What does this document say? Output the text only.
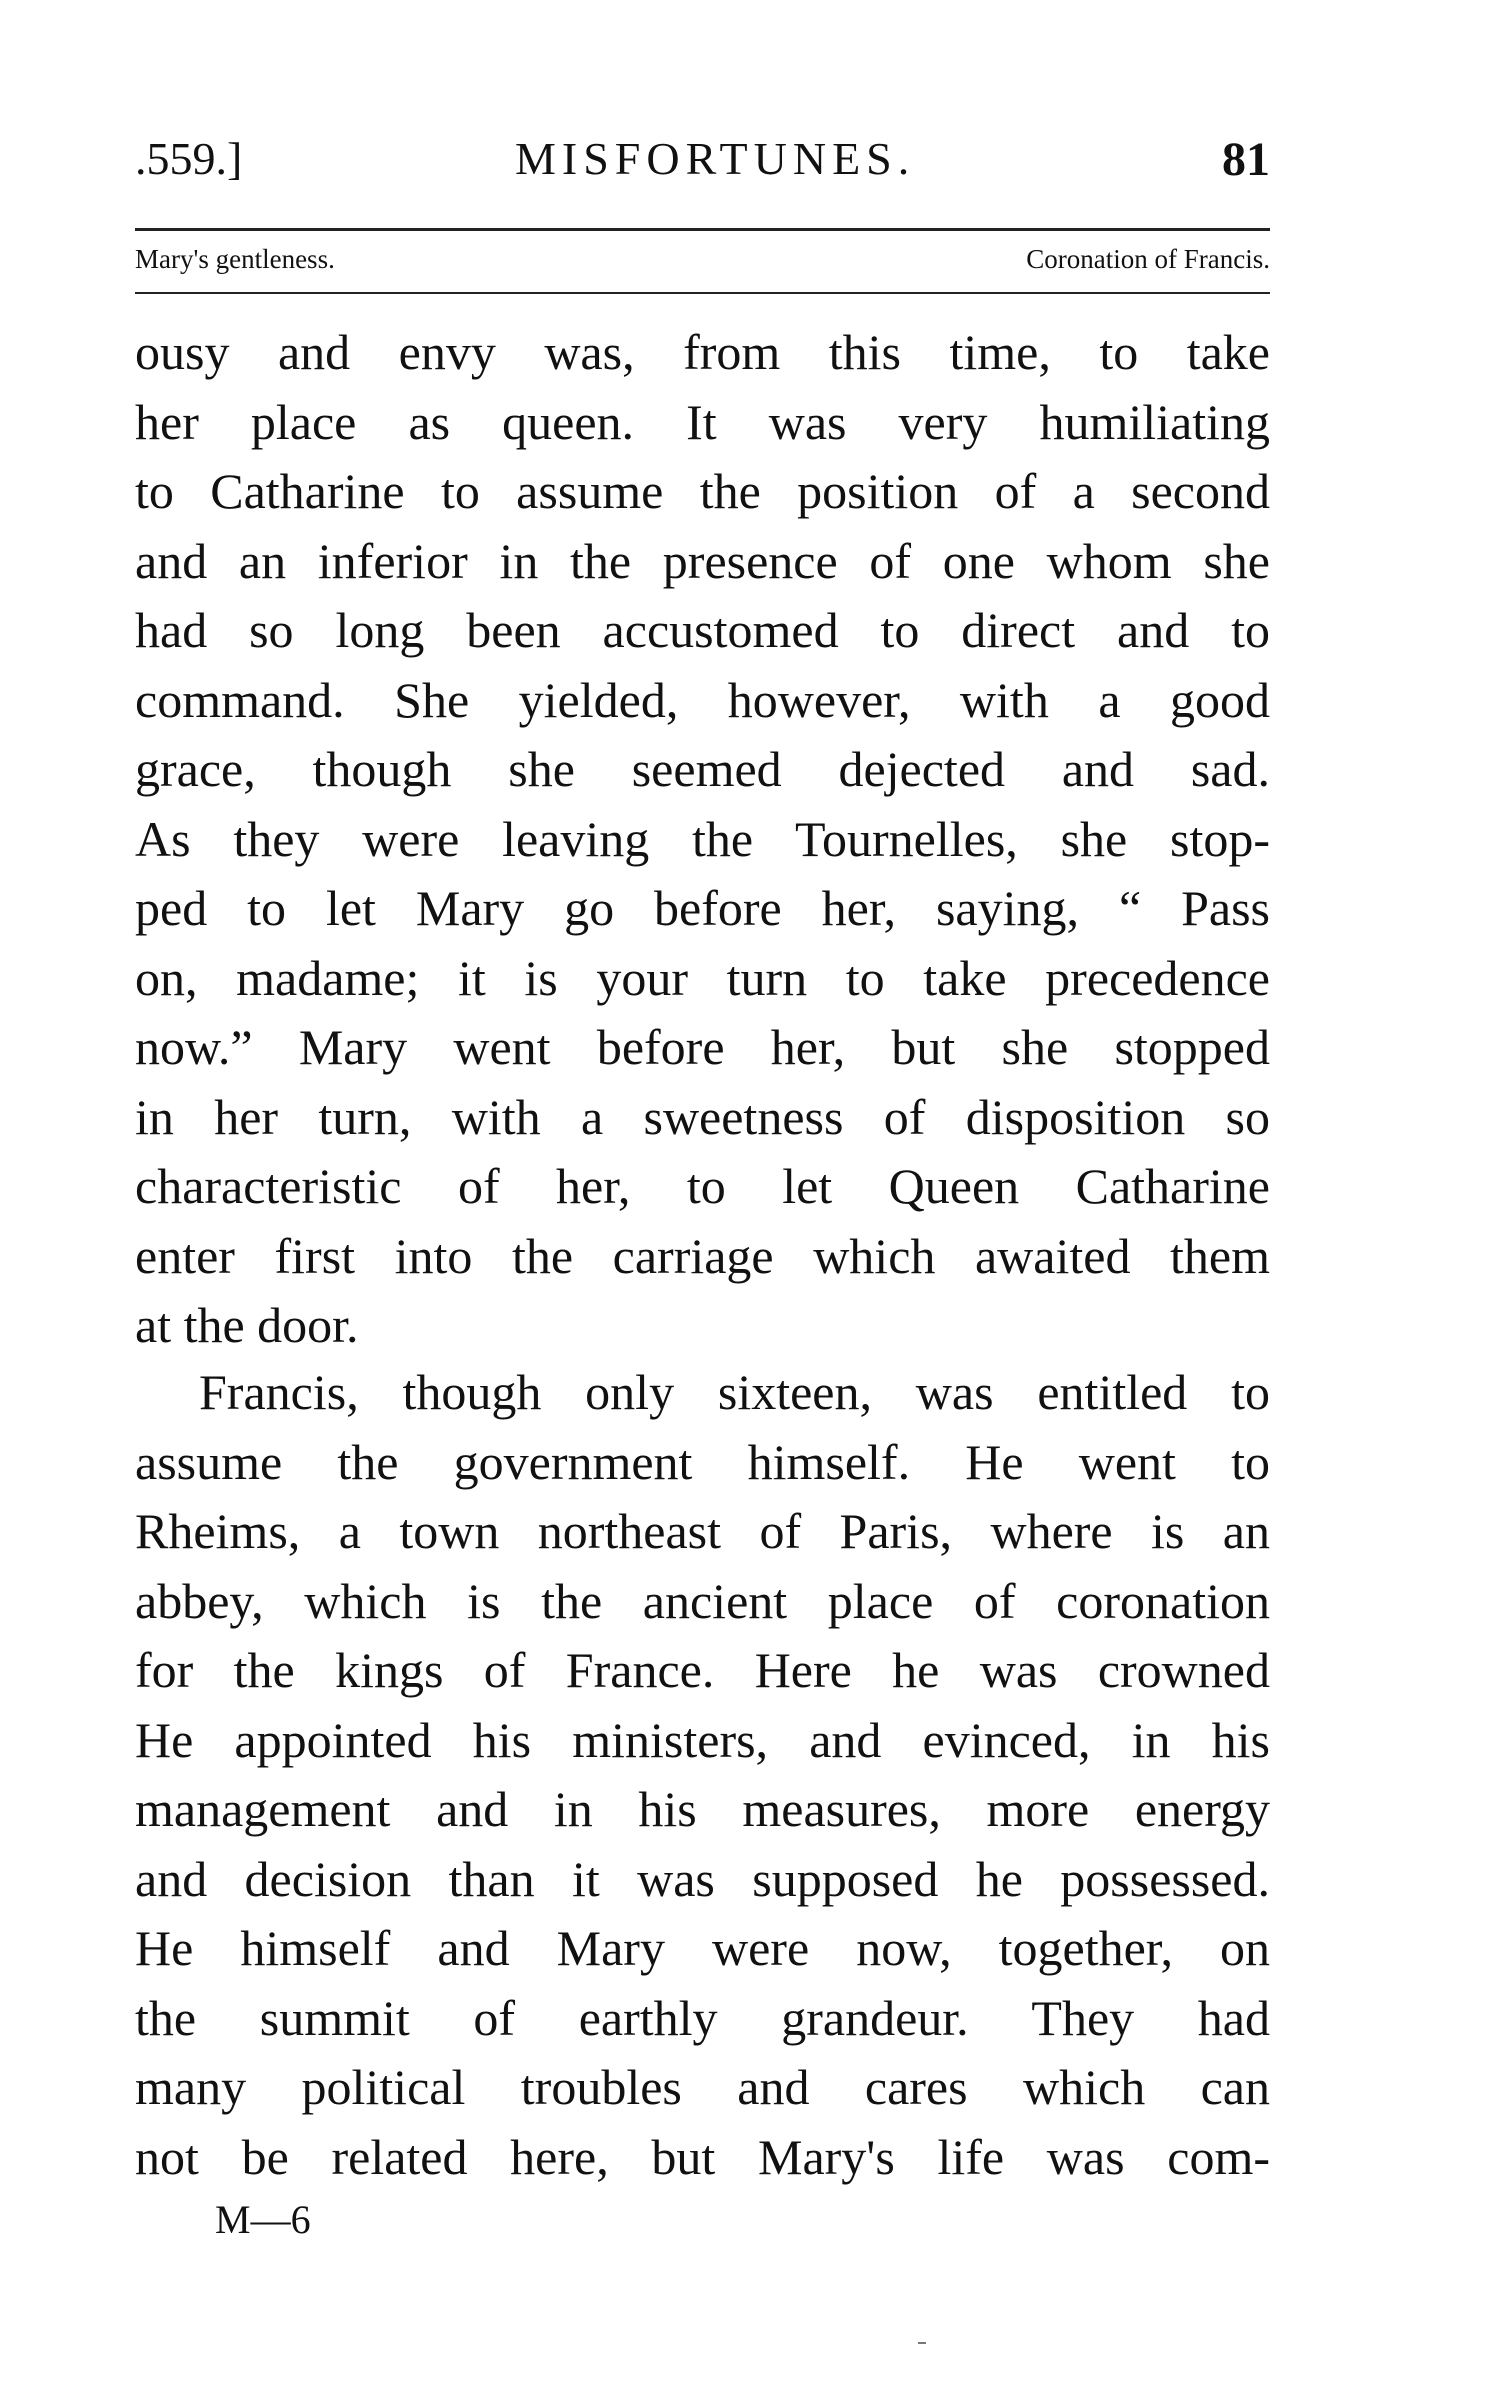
.559.]	MISFORTUNES.	81
Mary's gentleness.	Coronation of Francis.
ousy and envy was, from this time, to take
her place as queen. It was very humiliating
to Catharine to assume the position of a second
and an inferior in the presence of one whom she
had so long been accustomed to direct and to
command. She yielded, however, with a good
grace, though she seemed dejected and sad.
As they were leaving the Tournelles, she stop-
ped to let Mary go before her, saying, “ Pass
on, madame; it is your turn to take precedence
now.” Mary went before her, but she stopped
in her turn, with a sweetness of disposition so
characteristic of her, to let Queen Catharine
enter first into the carriage which awaited them
at the door.
Francis, though only sixteen, was entitled to
assume the government himself. He went to
Rheims, a town northeast of Paris, where is an
abbey, which is the ancient place of coronation
for the kings of France. Here he was crowned
He appointed his ministers, and evinced, in his
management and in his measures, more energy
and decision than it was supposed he possessed.
He himself and Mary were now, together, on
the summit of earthly grandeur. They had
many political troubles and cares which can
not be related here, but Mary's life was com-
M—6
